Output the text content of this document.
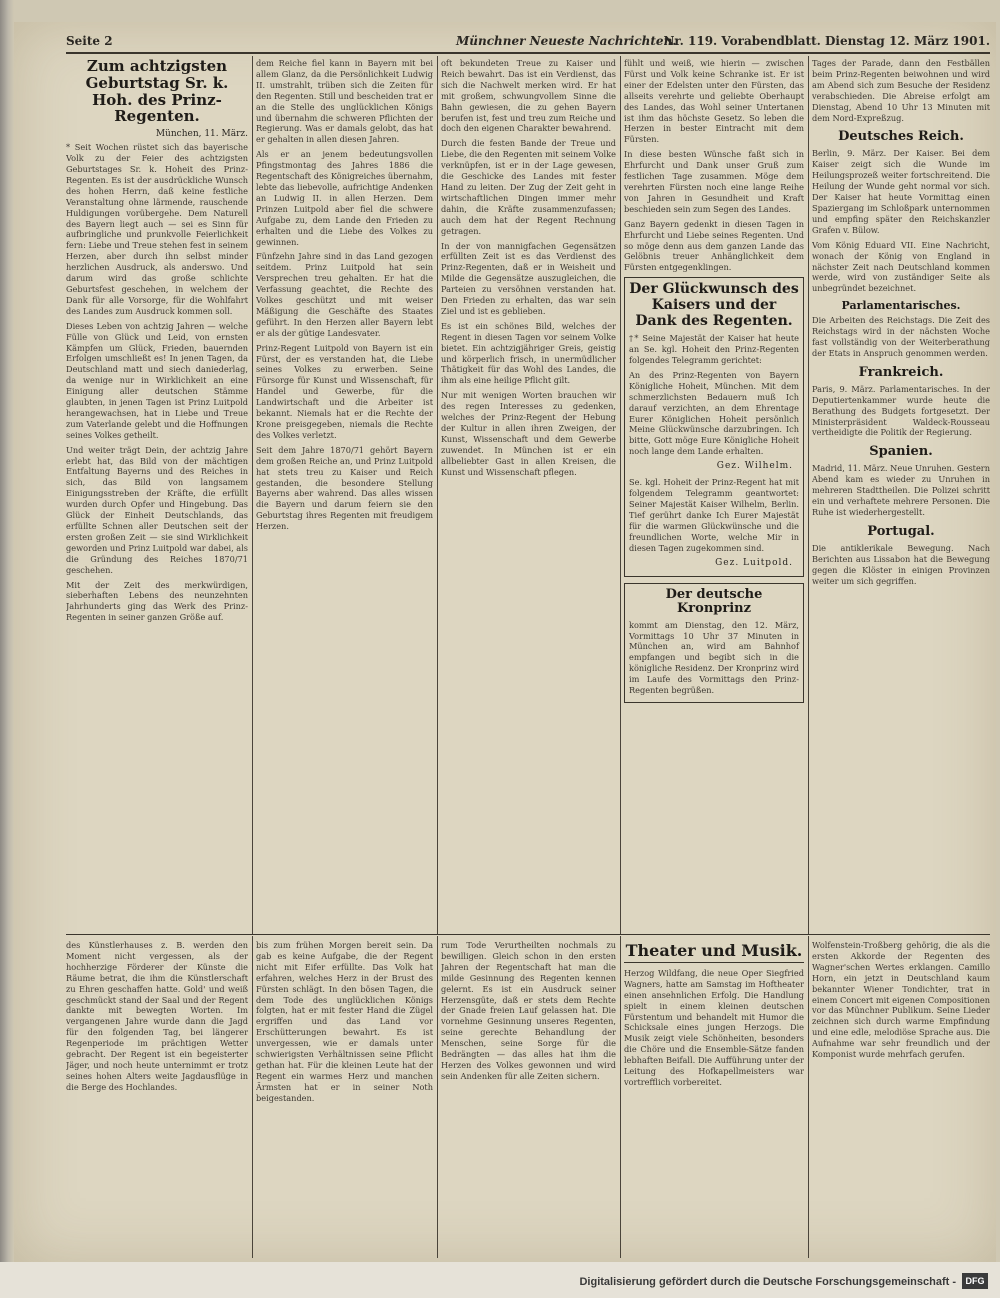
Seite 2	Münchner Neueste Nachrichten.
Nr. 119. Vorabendblatt. Dienstag 12. März 1901.
Zum achtzigsten Geburtstag Sr. k. Hoh. des Prinz-Regenten.
München, 11. März.

* Seit Wochen rüstet sich das bayerische Volk zu der Feier des achtzigsten Geburtstages Sr. k. Hoheit des Prinz-Regenten. Es ist der ausdrückliche Wunsch des hohen Herrn, daß keine festliche Veranstaltung ohne lärmende, rauschende Huldigungen vorübergehe. Dem Naturell des Bayern liegt auch — sei es Sinn für aufbringliche und prunkvolle Feierlichkeit fern: Liebe und Treue stehen fest in seinem Herzen, aber durch ihn selbst minder herzlichen Ausdruck, als anderswo. Und darum wird das große schlichte Geburtsfest geschehen, in welchem der Dank für alle Vorsorge, für die Wohlfahrt des Landes zum Ausdruck kommen soll.

Dieses Leben von achtzig Jahren — welche Fülle von Glück und Leid, von ernsten Kämpfen um Glück, Frieden, bauernden Erfolgen umschließt es! In jenen Tagen, da Deutschland matt und siech daniederlag, da wenige nur in Wirklichkeit an eine Einigung aller deutschen Stämme glaubten, in jenen Tagen ist Prinz Luitpold herangewachsen, hat in Liebe und Treue zum Vaterlande gelebt und die Hoffnungen seines Volkes getheilt.

Und weiter trägt Dein, der achtzig Jahre erlebt hat, das Bild von der mächtigen Entfaltung Bayerns und des Reiches in sich, das Bild von langsamem Einigungsstreben der Kräfte, die erfüllt wurden durch Opfer und Hingebung. Das Glück der Einheit Deutschlands, das erfüllte Schnen aller Deutschen seit der ersten großen Zeit — sie sind Wirklichkeit geworden und Prinz Luitpold war dabei, als die Gründung des Reiches 1870/71 geschehen.

Mit der Zeit des merkwürdigen, sieberhaften Lebens des neunzehnten Jahrhunderts ging das Werk des Prinz-Regenten in seiner ganzen Größe auf.

dem Reiche fiel kann in Bayern mit bei allem Glanz, da die Persönlichkeit Ludwig II. umstrahlt, trüben sich die Zeiten für den Regenten. Still und bescheiden trat er an die Stelle des unglücklichen Königs und übernahm die schweren Pflichten der Regierung. Was er damals gelobt, das hat er gehalten in allen diesen Jahren.

Als er an jenem bedeutungsvollen Pfingstmontag des Jahres 1886 die Regentschaft des Königreiches übernahm, lebte das liebevolle, aufrichtige Andenken an Ludwig II. in allen Herzen. Dem Prinzen Luitpold aber fiel die schwere Aufgabe zu, dem Lande den Frieden zu erhalten und die Liebe des Volkes zu gewinnen.

Fünfzehn Jahre sind in das Land gezogen seitdem. Prinz Luitpold hat sein Versprechen treu gehalten. Er hat die Verfassung geachtet, die Rechte des Volkes geschützt und mit weiser Mäßigung die Geschäfte des Staates geführt. In den Herzen aller Bayern lebt er als der gütige Landesvater.

Prinz-Regent Luitpold von Bayern ist ein Fürst, der es verstanden hat, die Liebe seines Volkes zu erwerben. Seine Fürsorge für Kunst und Wissenschaft, für Handel und Gewerbe, für die Landwirtschaft und die Arbeiter ist bekannt. Niemals hat er die Rechte der Krone preisgegeben, niemals die Rechte des Volkes verletzt.

Seit dem Jahre 1870/71 gehört Bayern dem großen Reiche an, und Prinz Luitpold hat stets treu zu Kaiser und Reich gestanden, die besondere Stellung Bayerns aber wahrend. Das alles wissen die Bayern und darum feiern sie den Geburtstag ihres Regenten mit freudigem Herzen.

oft bekundeten Treue zu Kaiser und Reich bewahrt. Das ist ein Verdienst, das sich die Nachwelt merken wird. Er hat mit großem, schwungvollem Sinne die Bahn gewiesen, die zu gehen Bayern berufen ist, fest und treu zum Reiche und doch den eigenen Charakter bewahrend.

Durch die festen Bande der Treue und Liebe, die den Regenten mit seinem Volke verknüpfen, ist er in der Lage gewesen, die Geschicke des Landes mit fester Hand zu leiten. Der Zug der Zeit geht in wirtschaftlichen Dingen immer mehr dahin, die Kräfte zusammenzufassen; auch dem hat der Regent Rechnung getragen.

In der von mannigfachen Gegensätzen erfüllten Zeit ist es das Verdienst des Prinz-Regenten, daß er in Weisheit und Milde die Gegensätze auszugleichen, die Parteien zu versöhnen verstanden hat. Den Frieden zu erhalten, das war sein Ziel und ist es geblieben.

Es ist ein schönes Bild, welches der Regent in diesen Tagen vor seinem Volke bietet. Ein achtzigjähriger Greis, geistig und körperlich frisch, in unermüdlicher Thätigkeit für das Wohl des Landes, die ihm als eine heilige Pflicht gilt.

Nur mit wenigen Worten brauchen wir des regen Interesses zu gedenken, welches der Prinz-Regent der Hebung der Kultur in allen ihren Zweigen, der Kunst, Wissenschaft und dem Gewerbe zuwendet. In München ist er ein allbeliebter Gast in allen Kreisen, die Kunst und Wissenschaft pflegen.

fühlt und weiß, wie hierin — zwischen Fürst und Volk keine Schranke ist. Er ist einer der Edelsten unter den Fürsten, das allseits verehrte und geliebte Oberhaupt des Landes, das Wohl seiner Untertanen ist ihm das höchste Gesetz. So leben die Herzen in bester Eintracht mit dem Fürsten.

In diese besten Wünsche faßt sich in Ehrfurcht und Dank unser Gruß zum festlichen Tage zusammen. Möge dem verehrten Fürsten noch eine lange Reihe von Jahren in Gesundheit und Kraft beschieden sein zum Segen des Landes.

Ganz Bayern gedenkt in diesen Tagen in Ehrfurcht und Liebe seines Regenten. Und so möge denn aus dem ganzen Lande das Gelöbnis treuer Anhänglichkeit dem Fürsten entgegenklingen.

Der Glückwunsch des Kaisers und der Dank des Regenten.

†* Seine Majestät der Kaiser hat heute an Se. kgl. Hoheit den Prinz-Regenten folgendes Telegramm gerichtet:

An des Prinz-Regenten von Bayern Königliche Hoheit, München. Mit dem schmerzlichsten Bedauern muß Ich darauf verzichten, an dem Ehrentage Eurer Königlichen Hoheit persönlich Meine Glückwünsche darzubringen. Ich bitte, Gott möge Eure Königliche Hoheit noch lange dem Lande erhalten.

Gez. Wilhelm.

Se. kgl. Hoheit der Prinz-Regent hat mit folgendem Telegramm geantwortet: Seiner Majestät Kaiser Wilhelm, Berlin. Tief gerührt danke Ich Eurer Majestät für die warmen Glückwünsche und die freundlichen Worte, welche Mir in diesen Tagen zugekommen sind.

Gez. Luitpold.
Der deutsche Kronprinz

kommt am Dienstag, den 12. März, Vormittags 10 Uhr 37 Minuten in München an, wird am Bahnhof empfangen und begibt sich in die königliche Residenz. Der Kronprinz wird im Laufe des Vormittags den Prinz-Regenten begrüßen.

Tages der Parade, dann den Festbällen beim Prinz-Regenten beiwohnen und wird am Abend sich zum Besuche der Residenz verabschieden. Die Abreise erfolgt am Dienstag, Abend 10 Uhr 13 Minuten mit dem Nord-Expreßzug.

Deutsches Reich.

Berlin, 9. März. Der Kaiser. Bei dem Kaiser zeigt sich die Wunde im Heilungsprozeß weiter fortschreitend. Die Heilung der Wunde geht normal vor sich. Der Kaiser hat heute Vormittag einen Spaziergang im Schloßpark unternommen und empfing später den Reichskanzler Grafen v. Bülow.

Vom König Eduard VII. Eine Nachricht, wonach der König von England in nächster Zeit nach Deutschland kommen werde, wird von zuständiger Seite als unbegründet bezeichnet.

Parlamentarisches.

Die Arbeiten des Reichstags. Die Zeit des Reichstags wird in der nächsten Woche fast vollständig von der Weiterberathung der Etats in Anspruch genommen werden.

Frankreich.

Paris, 9. März. Parlamentarisches. In der Deputiertenkammer wurde heute die Berathung des Budgets fortgesetzt. Der Ministerpräsident Waldeck-Rousseau vertheidigte die Politik der Regierung.

Spanien.

Madrid, 11. März. Neue Unruhen. Gestern Abend kam es wieder zu Unruhen in mehreren Stadttheilen. Die Polizei schritt ein und verhaftete mehrere Personen. Die Ruhe ist wiederhergestellt.

Portugal.

Die antiklerikale Bewegung. Nach Berichten aus Lissabon hat die Bewegung gegen die Klöster in einigen Provinzen weiter um sich gegriffen.

des Künstlerhauses z. B. werden den Moment nicht vergessen, als der hochherzige Förderer der Künste die Räume betrat, die ihm die Künstlerschaft zu Ehren geschaffen hatte. Gold' und weiß geschmückt stand der Saal und der Regent dankte mit bewegten Worten. Im vergangenen Jahre wurde dann die Jagd für den folgenden Tag, bei längerer Regenperiode im prächtigen Wetter gebracht. Der Regent ist ein begeisterter Jäger, und noch heute unternimmt er trotz seines hohen Alters weite Jagdausflüge in die Berge des Hochlandes.

bis zum frühen Morgen bereit sein. Da gab es keine Aufgabe, die der Regent nicht mit Eifer erfüllte. Das Volk hat erfahren, welches Herz in der Brust des Fürsten schlägt. In den bösen Tagen, die dem Tode des unglücklichen Königs folgten, hat er mit fester Hand die Zügel ergriffen und das Land vor Erschütterungen bewahrt. Es ist unvergessen, wie er damals unter schwierigsten Verhältnissen seine Pflicht gethan hat. Für die kleinen Leute hat der Regent ein warmes Herz und manchen Ärmsten hat er in seiner Noth beigestanden.

rum Tode Verurtheilten nochmals zu bewilligen. Gleich schon in den ersten Jahren der Regentschaft hat man die milde Gesinnung des Regenten kennen gelernt. Es ist ein Ausdruck seiner Herzensgüte, daß er stets dem Rechte der Gnade freien Lauf gelassen hat. Die vornehme Gesinnung unseres Regenten, seine gerechte Behandlung der Menschen, seine Sorge für die Bedrängten — das alles hat ihm die Herzen des Volkes gewonnen und wird sein Andenken für alle Zeiten sichern.

Theater und Musik.

Herzog Wildfang, die neue Oper Siegfried Wagners, hatte am Samstag im Hoftheater einen ansehnlichen Erfolg. Die Handlung spielt in einem kleinen deutschen Fürstentum und behandelt mit Humor die Schicksale eines jungen Herzogs. Die Musik zeigt viele Schönheiten, besonders die Chöre und die Ensemble-Sätze fanden lebhaften Beifall. Die Aufführung unter der Leitung des Hofkapellmeisters war vortrefflich vorbereitet.

Wolfenstein-Troßberg gehörig, die als die ersten Akkorde der Regenten des Wagner'schen Wertes erklangen. Camillo Horn, ein jetzt in Deutschland kaum bekannter Wiener Tondichter, trat in einem Concert mit eigenen Compositionen vor das Münchner Publikum. Seine Lieder zeichnen sich durch warme Empfindung und eine edle, melodiöse Sprache aus. Die Aufnahme war sehr freundlich und der Komponist wurde mehrfach gerufen.

Digitalisierung gefördert durch die Deutsche Forschungsgemeinschaft -	DFG
